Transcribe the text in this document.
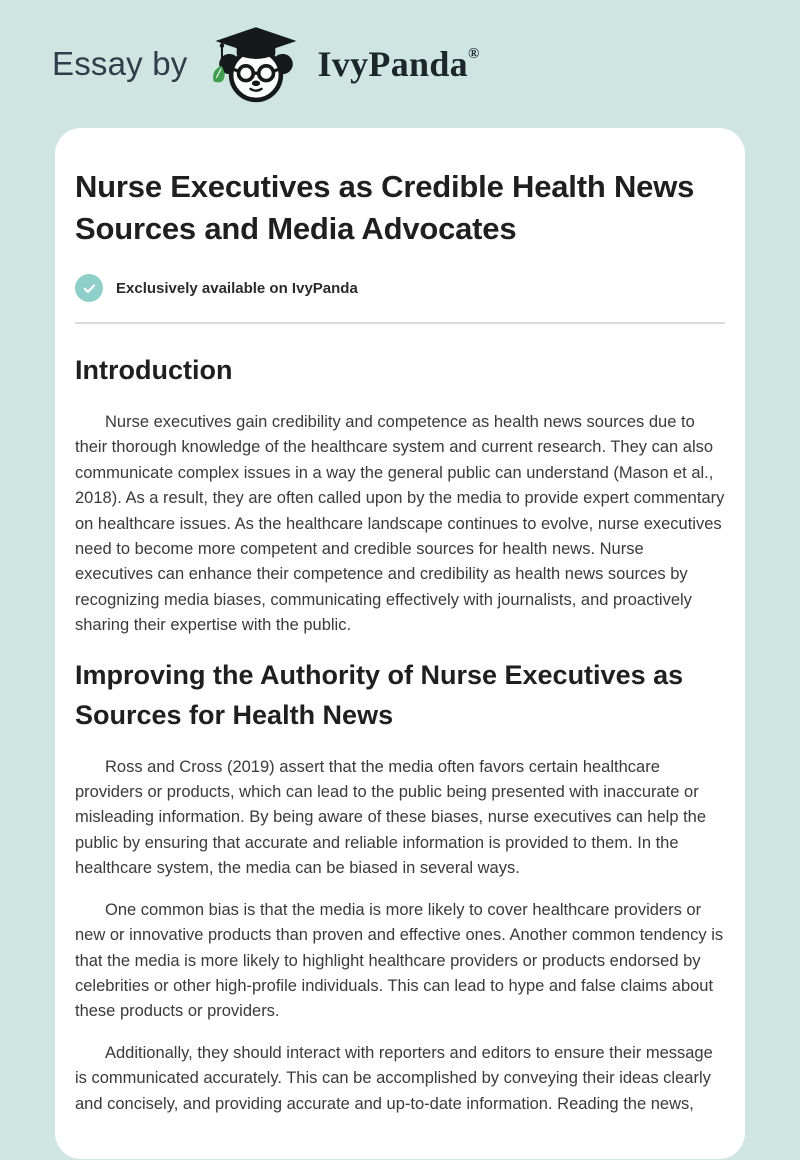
Essay by	IvyPanda®
Nurse Executives as Credible Health News Sources and Media Advocates
Exclusively available on IvyPanda
Introduction

Nurse executives gain credibility and competence as health news sources due to their thorough knowledge of the healthcare system and current research. They can also communicate complex issues in a way the general public can understand (Mason et al., 2018). As a result, they are often called upon by the media to provide expert commentary on healthcare issues. As the healthcare landscape continues to evolve, nurse executives need to become more competent and credible sources for health news. Nurse executives can enhance their competence and credibility as health news sources by recognizing media biases, communicating effectively with journalists, and proactively sharing their expertise with the public.

Improving the Authority of Nurse Executives as Sources for Health News

Ross and Cross (2019) assert that the media often favors certain healthcare providers or products, which can lead to the public being presented with inaccurate or misleading information. By being aware of these biases, nurse executives can help the public by ensuring that accurate and reliable information is provided to them. In the healthcare system, the media can be biased in several ways.

One common bias is that the media is more likely to cover healthcare providers or new or innovative products than proven and effective ones. Another common tendency is that the media is more likely to highlight healthcare providers or products endorsed by celebrities or other high-profile individuals. This can lead to hype and false claims about these products or providers.

Additionally, they should interact with reporters and editors to ensure their message is communicated accurately. This can be accomplished by conveying their ideas clearly and concisely, and providing accurate and up-to-date information. Reading the news,
